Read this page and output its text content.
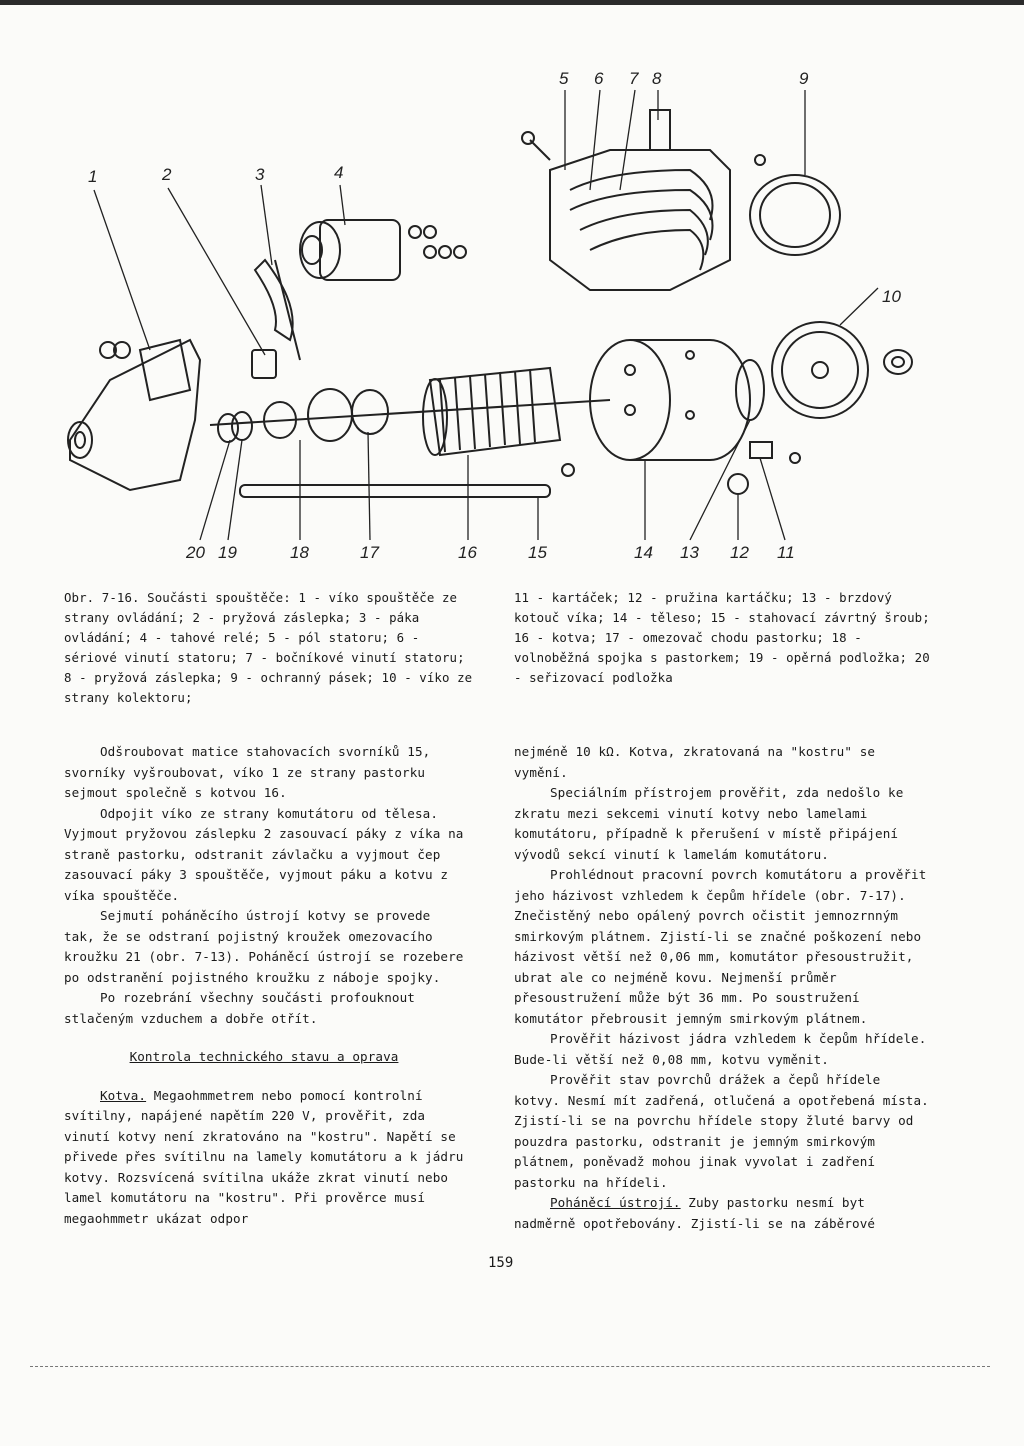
1	2	3	4
5 6 7 8	9
10
11
12
13
14
15
16
17
18
19
20
Obr. 7-16. Součásti spouštěče: 1 - víko spouštěče ze strany ovládání; 2 - pryžová záslepka; 3 - páka ovládání; 4 - tahové relé; 5 - pól statoru; 6 - sériové vinutí statoru; 7 - bočníkové vinutí statoru; 8 - pryžová záslepka; 9 - ochranný pásek; 10 - víko ze strany kolektoru;
11 - kartáček; 12 - pružina kartáčku; 13 - brzdový kotouč víka; 14 - těleso; 15 - stahovací závrtný šroub; 16 - kotva; 17 - omezovač chodu pastorku; 18 - volnoběžná spojka s pastorkem; 19 - opěrná podložka; 20 - seřizovací podložka

Odšroubovat matice stahovacích svorníků 15, svorníky vyšroubovat, víko 1 ze strany pastorku sejmout společně s kotvou 16.

Odpojit víko ze strany komutátoru od tělesa. Vyjmout pryžovou záslepku 2 zasouvací páky z víka na straně pastorku, odstranit závlačku a vyjmout čep zasouvací páky 3 spouštěče, vyjmout páku a kotvu z víka spouštěče.

Sejmutí poháněcího ústrojí kotvy se provede tak, že se odstraní pojistný kroužek omezovacího kroužku 21 (obr. 7-13). Poháněcí ústrojí se rozebere po odstranění pojistného kroužku z náboje spojky.

Po rozebrání všechny součásti profouknout stlačeným vzduchem a dobře otřít.

Kontrola technického stavu a oprava

Kotva. Megaohmmetrem nebo pomocí kontrolní svítilny, napájené napětím 220 V, prověřit, zda vinutí kotvy není zkratováno na "kostru". Napětí se přivede přes svítilnu na lamely komutátoru a k jádru kotvy. Rozsvícená svítilna ukáže zkrat vinutí nebo lamel komutátoru na "kostru". Při prověrce musí megaohmmetr ukázat odpor

nejméně 10 kΩ. Kotva, zkratovaná na "kostru" se vymění.

Speciálním přístrojem prověřit, zda nedošlo ke zkratu mezi sekcemi vinutí kotvy nebo lamelami komutátoru, případně k přerušení v místě připájení vývodů sekcí vinutí k lamelám komutátoru.

Prohlédnout pracovní povrch komutátoru a prověřit jeho házivost vzhledem k čepům hřídele (obr. 7-17). Znečistěný nebo opálený povrch očistit jemnozrnným smirkovým plátnem. Zjistí-li se značné poškození nebo házivost větší než 0,06 mm, komutátor přesoustružit, ubrat ale co nejméně kovu. Nejmenší průměr přesoustružení může být 36 mm. Po soustružení komutátor přebrousit jemným smirkovým plátnem.

Prověřit házivost jádra vzhledem k čepům hřídele. Bude-li větší než 0,08 mm, kotvu vyměnit.

Prověřit stav povrchů drážek a čepů hřídele kotvy. Nesmí mít zadřená, otlučená a opotřebená místa. Zjistí-li se na povrchu hřídele stopy žluté barvy od pouzdra pastorku, odstranit je jemným smirkovým plátnem, poněvadž mohou jinak vyvolat i zadření pastorku na hřídeli.

Poháněcí ústrojí. Zuby pastorku nesmí byt nadměrně opotřebovány. Zjistí-li se na záběrové

159
